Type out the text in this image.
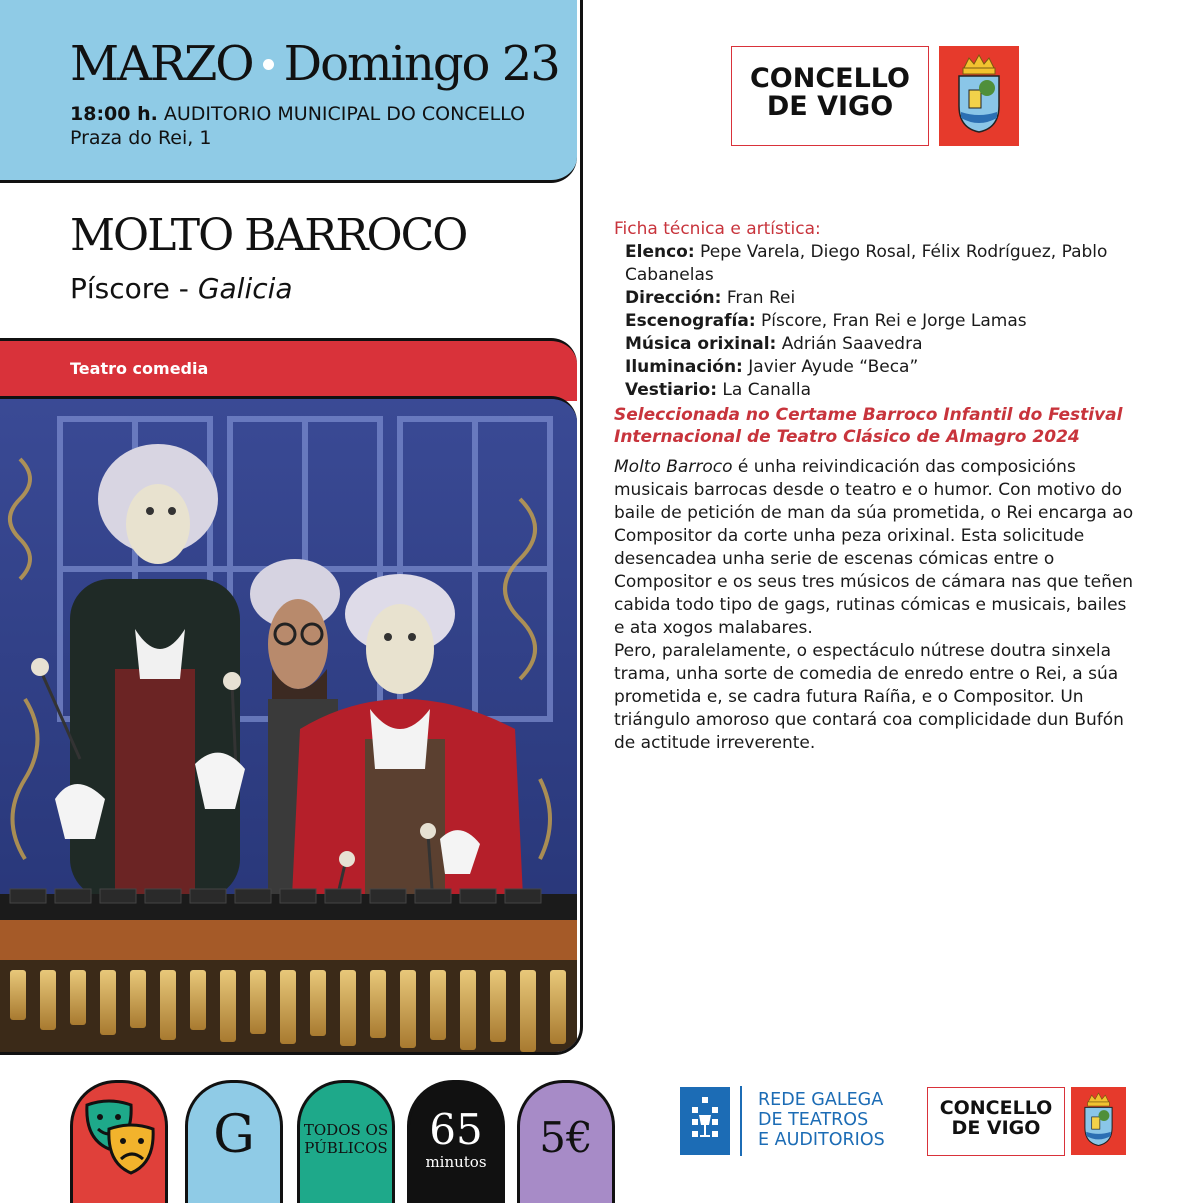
MARZO Domingo 23
18:00 h. AUDITORIO MUNICIPAL DO CONCELLO
Praza do Rei, 1
MOLTO BARROCO
Píscore - Galicia
Teatro comedia
CONCELLO
DE VIGO

Ficha técnica e artística:

Elenco: Pepe Varela, Diego Rosal, Félix Rodríguez, Pablo Cabanelas

Dirección: Fran Rei

Escenografía: Píscore, Fran Rei e Jorge Lamas

Música orixinal: Adrián Saavedra

Iluminación: Javier Ayude “Beca”

Vestiario: La Canalla

Seleccionada no Certame Barroco Infantil do Festival Internacional de Teatro Clásico de Almagro 2024

Molto Barroco é unha reivindicación das composicións musicais barrocas desde o teatro e o humor. Con motivo do baile de petición de man da súa prometida, o Rei encarga ao Compositor da corte unha peza orixinal. Esta solicitude desencadea unha serie de escenas cómicas entre o Compositor e os seus tres músicos de cámara nas que teñen cabida todo tipo de gags, rutinas cómicas e musicais, bailes e ata xogos malabares.

Pero, paralelamente, o espectáculo nútrese doutra sinxela trama, unha sorte de comedia de enredo entre o Rei, a súa prometida e, se cadra futura Raíña, e o Compositor. Un triángulo amoroso que contará coa complicidade dun Bufón de actitude irreverente.

G	TODOS OS
PÚBLICOS 65
minutos	5€
REDE GALEGA
DE TEATROS
E AUDITORIOS
CONCELLO
DE VIGO
